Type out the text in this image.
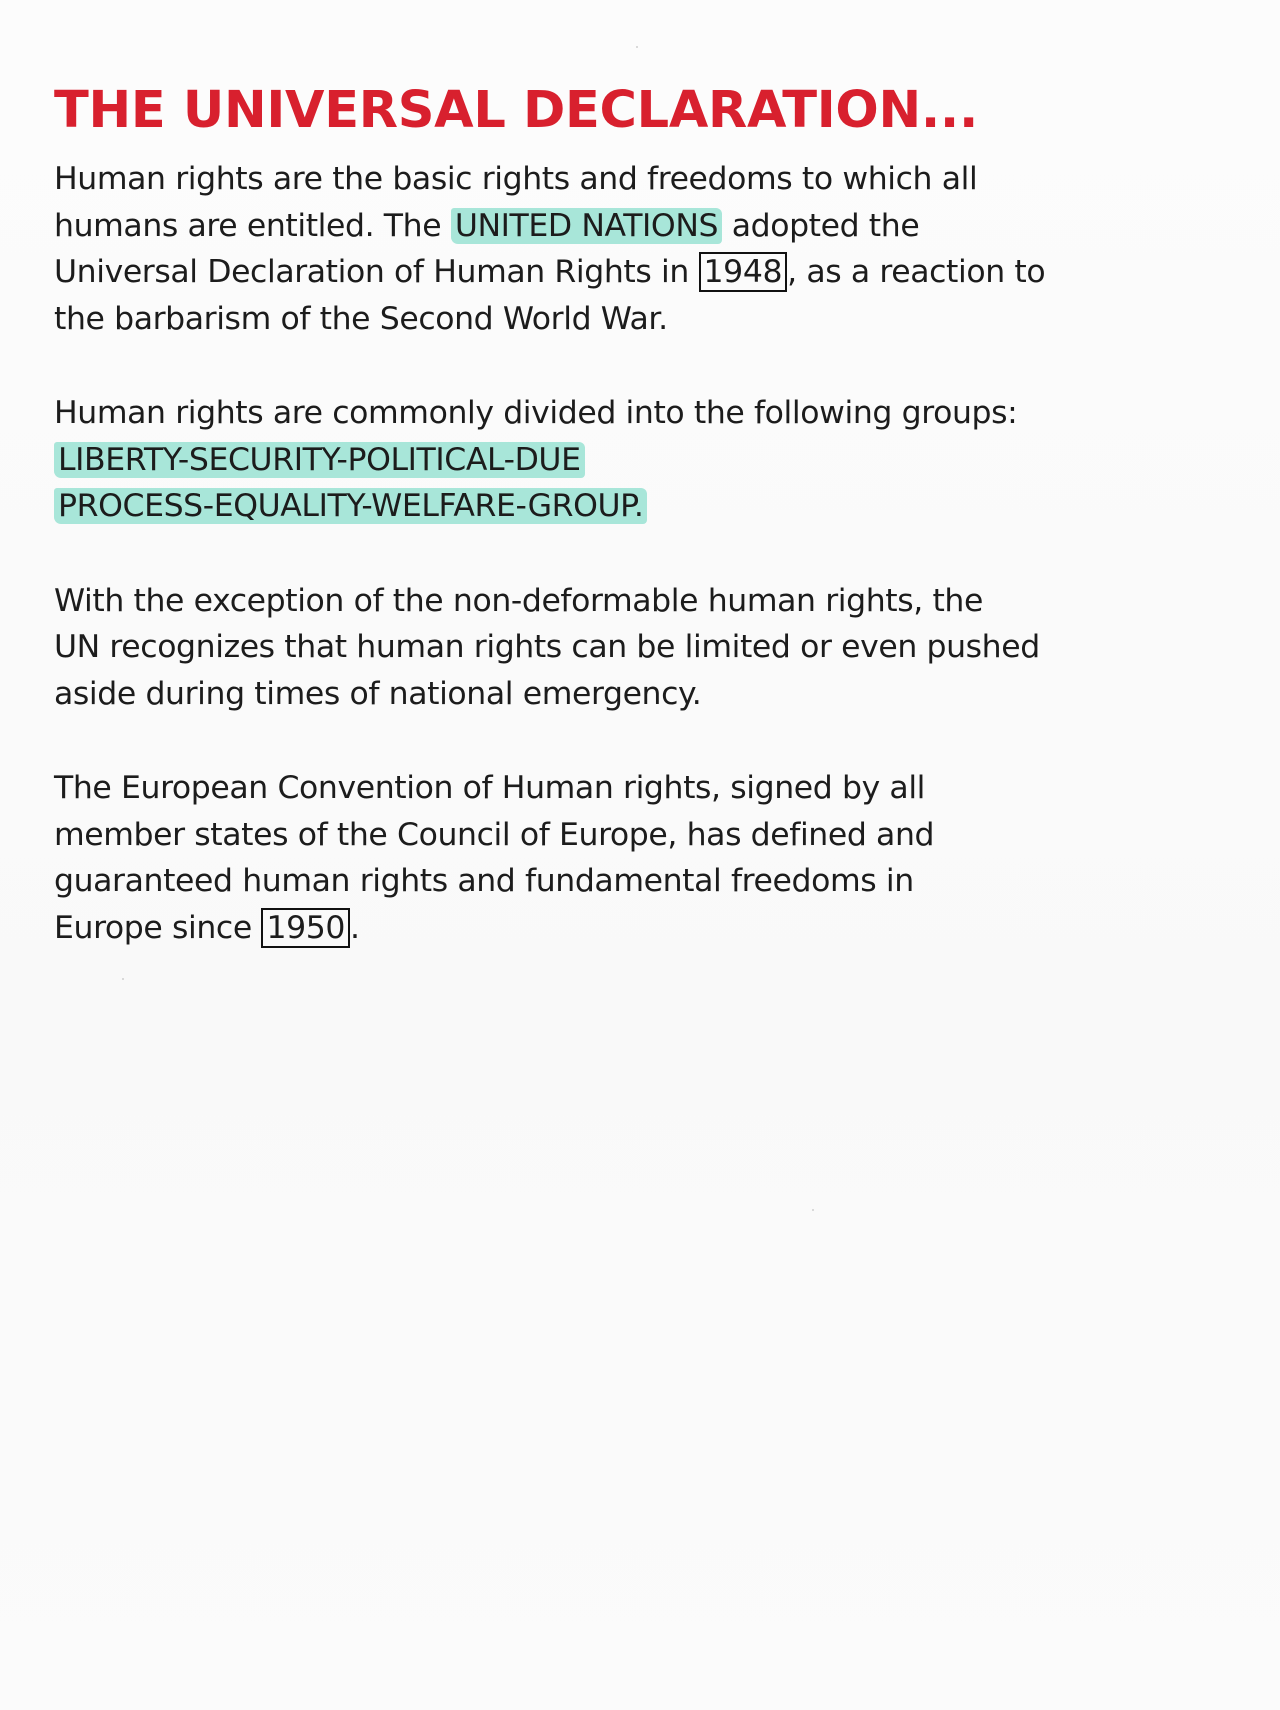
THE UNIVERSAL DECLARATION...
Human rights are the basic rights and freedoms to which all
humans are entitled. The UNITED NATIONS adopted the
Universal Declaration of Human Rights in 1948 , as a reaction to
the barbarism of the Second World War.
Human rights are commonly divided into the following groups:
LIBERTY-SECURITY-POLITICAL-DUE
PROCESS-EQUALITY-WELFARE-GROUP.
With the exception of the non-deformable human rights, the
UN recognizes that human rights can be limited or even pushed
aside during times of national emergency.
The European Convention of Human rights, signed by all
member states of the Council of Europe, has defined and
guaranteed human rights and fundamental freedoms in
Europe since 1950 .
